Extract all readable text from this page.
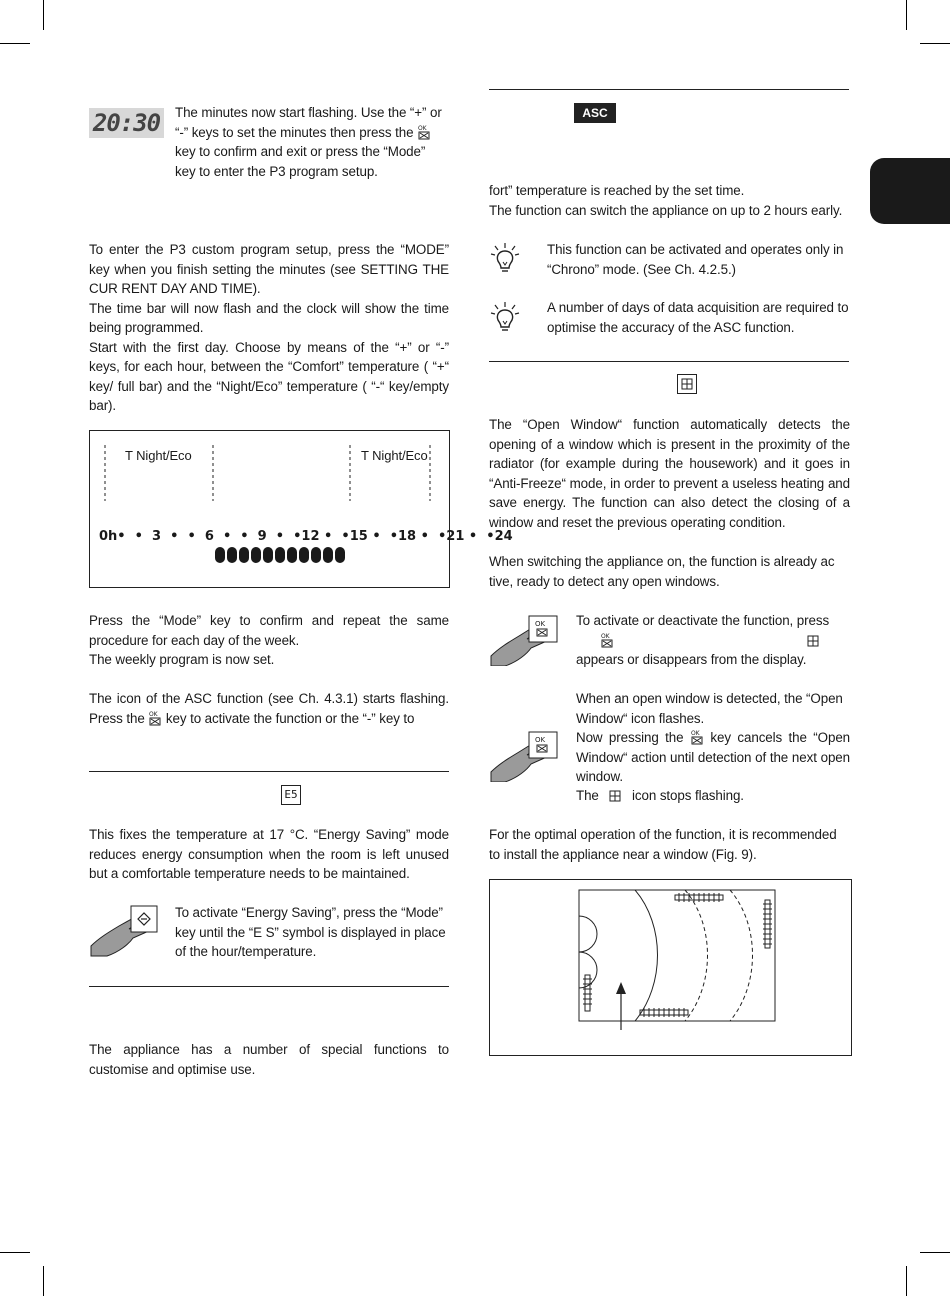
20:30 The minutes now start flashing. Use the “+” or “-” keys to set the minutes then press the OK
key to confirm and exit or press the “Mode” key to enter the P3 program setup.

To enter the P3 custom program setup, press the “MODE” key when you finish setting the minutes (see SETTING THE CUR RENT DAY AND TIME).

The time bar will now flash and the clock will show the time being programmed.

Start with the first day. Choose by means of the “+” or “-” keys, for each hour, between the “Comfort” temperature ( “+“ key/ full bar) and the “Night/Eco” temperature ( “-“ key/empty bar).

T Night/Eco	T Night/Eco
0h•  •  3  •  •  6  •  •  9  •  •12 •  •15 •  •18 •  •21 •  •24

Press the “Mode” key to confirm and repeat the same procedure for each day of the week.

The weekly program is now set.

The icon of the ASC function (see Ch. 4.3.1) starts flashing. Press the OK key to activate the function or the “-” key to
E5
This fixes the temperature at 17 °C. “Energy Saving” mode reduces energy consumption when the room is left unused but a comfortable temperature needs to be maintained.
To activate “Energy Saving”, press the “Mode” key until the “E S” symbol is displayed in place of the hour/temperature.
The appliance has a number of special functions to customise and optimise use.
ASC

fort” temperature is reached by the set time.

The function can switch the appliance on up to 2 hours early.

This function can be activated and operates only in “Chrono” mode. (See Ch. 4.2.5.)
A number of days of data acquisition are required to optimise the accuracy of the ASC function.
The “Open Window“ function automatically detects the opening of a window which is present in the proximity of the radiator (for example during the housework) and it goes in “Anti-Freeze“ mode, in order to prevent a useless heating and save energy. The function can also detect the closing of a window and reset the previous operating condition.
When switching the appliance on, the function is already ac tive, ready to detect any open windows.
OK To activate or deactivate the function, press

OK

appears or disappears from the display.
When an open window is detected, the “Open Window“ icon flashes.
OK Now pressing the OK key cancels the “Open Window“ action until detection of the next open window.
The icon stops flashing.
For the optimal operation of the function, it is recommended to install the appliance near a window (Fig. 9).
